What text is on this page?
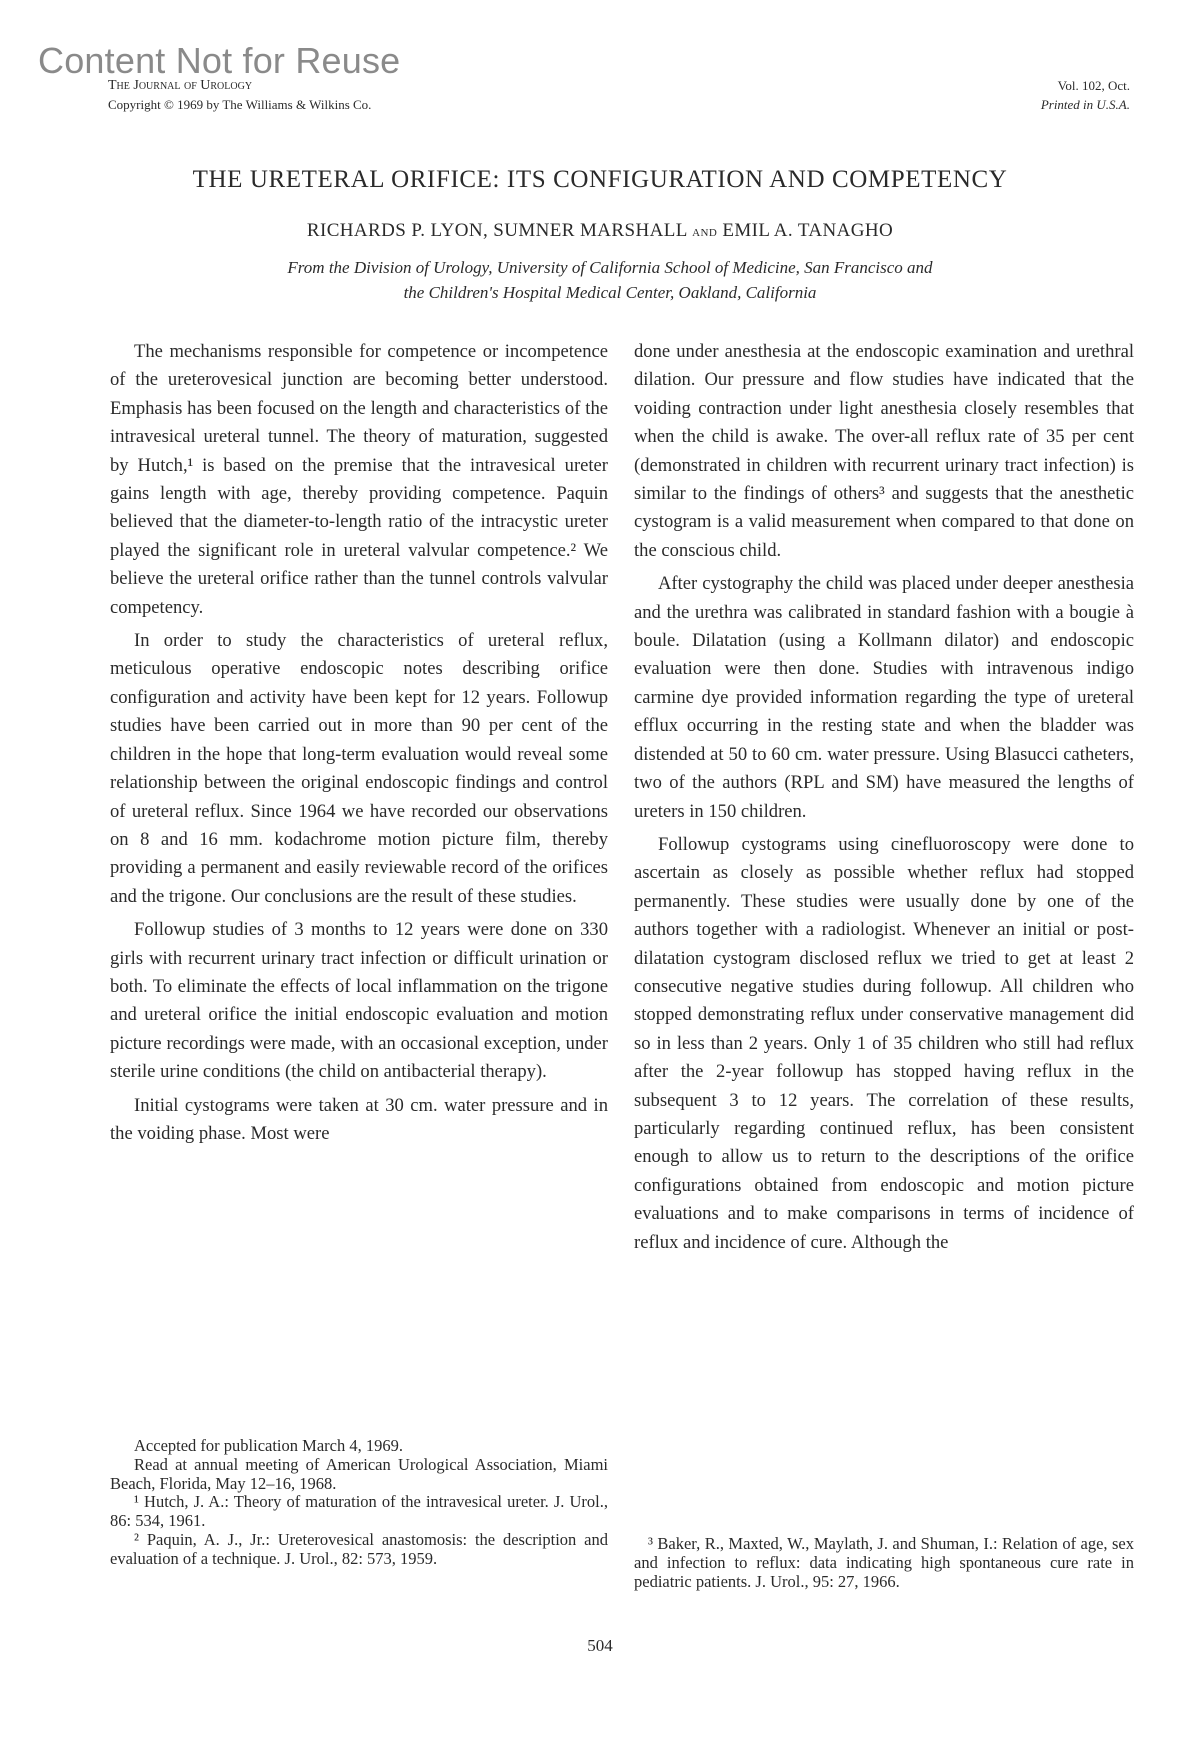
Content Not for Reuse
The Journal of Urology
Copyright © 1969 by The Williams & Wilkins Co.
Vol. 102, Oct.
Printed in U.S.A.
THE URETERAL ORIFICE: ITS CONFIGURATION AND COMPETENCY
RICHARDS P. LYON, SUMNER MARSHALL and EMIL A. TANAGHO
From the Division of Urology, University of California School of Medicine, San Francisco and
the Children's Hospital Medical Center, Oakland, California

The mechanisms responsible for competence or incompetence of the ureterovesical junction are becoming better understood. Emphasis has been focused on the length and characteristics of the intravesical ureteral tunnel. The theory of maturation, suggested by Hutch,¹ is based on the premise that the intravesical ureter gains length with age, thereby providing competence. Paquin believed that the diameter-to-length ratio of the intracystic ureter played the significant role in ureteral valvular competence.² We believe the ureteral orifice rather than the tunnel controls valvular competency.

In order to study the characteristics of ureteral reflux, meticulous operative endoscopic notes describing orifice configuration and activity have been kept for 12 years. Followup studies have been carried out in more than 90 per cent of the children in the hope that long-term evaluation would reveal some relationship between the original endoscopic findings and control of ureteral reflux. Since 1964 we have recorded our observations on 8 and 16 mm. kodachrome motion picture film, thereby providing a permanent and easily reviewable record of the orifices and the trigone. Our conclusions are the result of these studies.

Followup studies of 3 months to 12 years were done on 330 girls with recurrent urinary tract infection or difficult urination or both. To eliminate the effects of local inflammation on the trigone and ureteral orifice the initial endoscopic evaluation and motion picture recordings were made, with an occasional exception, under sterile urine conditions (the child on antibacterial therapy).

Initial cystograms were taken at 30 cm. water pressure and in the voiding phase. Most were

done under anesthesia at the endoscopic examination and urethral dilation. Our pressure and flow studies have indicated that the voiding contraction under light anesthesia closely resembles that when the child is awake. The over-all reflux rate of 35 per cent (demonstrated in children with recurrent urinary tract infection) is similar to the findings of others³ and suggests that the anesthetic cystogram is a valid measurement when compared to that done on the conscious child.

After cystography the child was placed under deeper anesthesia and the urethra was calibrated in standard fashion with a bougie à boule. Dilatation (using a Kollmann dilator) and endoscopic evaluation were then done. Studies with intravenous indigo carmine dye provided information regarding the type of ureteral efflux occurring in the resting state and when the bladder was distended at 50 to 60 cm. water pressure. Using Blasucci catheters, two of the authors (RPL and SM) have measured the lengths of ureters in 150 children.

Followup cystograms using cinefluoroscopy were done to ascertain as closely as possible whether reflux had stopped permanently. These studies were usually done by one of the authors together with a radiologist. Whenever an initial or post-dilatation cystogram disclosed reflux we tried to get at least 2 consecutive negative studies during followup. All children who stopped demonstrating reflux under conservative management did so in less than 2 years. Only 1 of 35 children who still had reflux after the 2-year followup has stopped having reflux in the subsequent 3 to 12 years. The correlation of these results, particularly regarding continued reflux, has been consistent enough to allow us to return to the descriptions of the orifice configurations obtained from endoscopic and motion picture evaluations and to make comparisons in terms of incidence of reflux and incidence of cure. Although the

Accepted for publication March 4, 1969.

Read at annual meeting of American Urological Association, Miami Beach, Florida, May 12–16, 1968.

¹ Hutch, J. A.: Theory of maturation of the intravesical ureter. J. Urol., 86: 534, 1961.

² Paquin, A. J., Jr.: Ureterovesical anastomosis: the description and evaluation of a technique. J. Urol., 82: 573, 1959.

³ Baker, R., Maxted, W., Maylath, J. and Shuman, I.: Relation of age, sex and infection to reflux: data indicating high spontaneous cure rate in pediatric patients. J. Urol., 95: 27, 1966.

504
